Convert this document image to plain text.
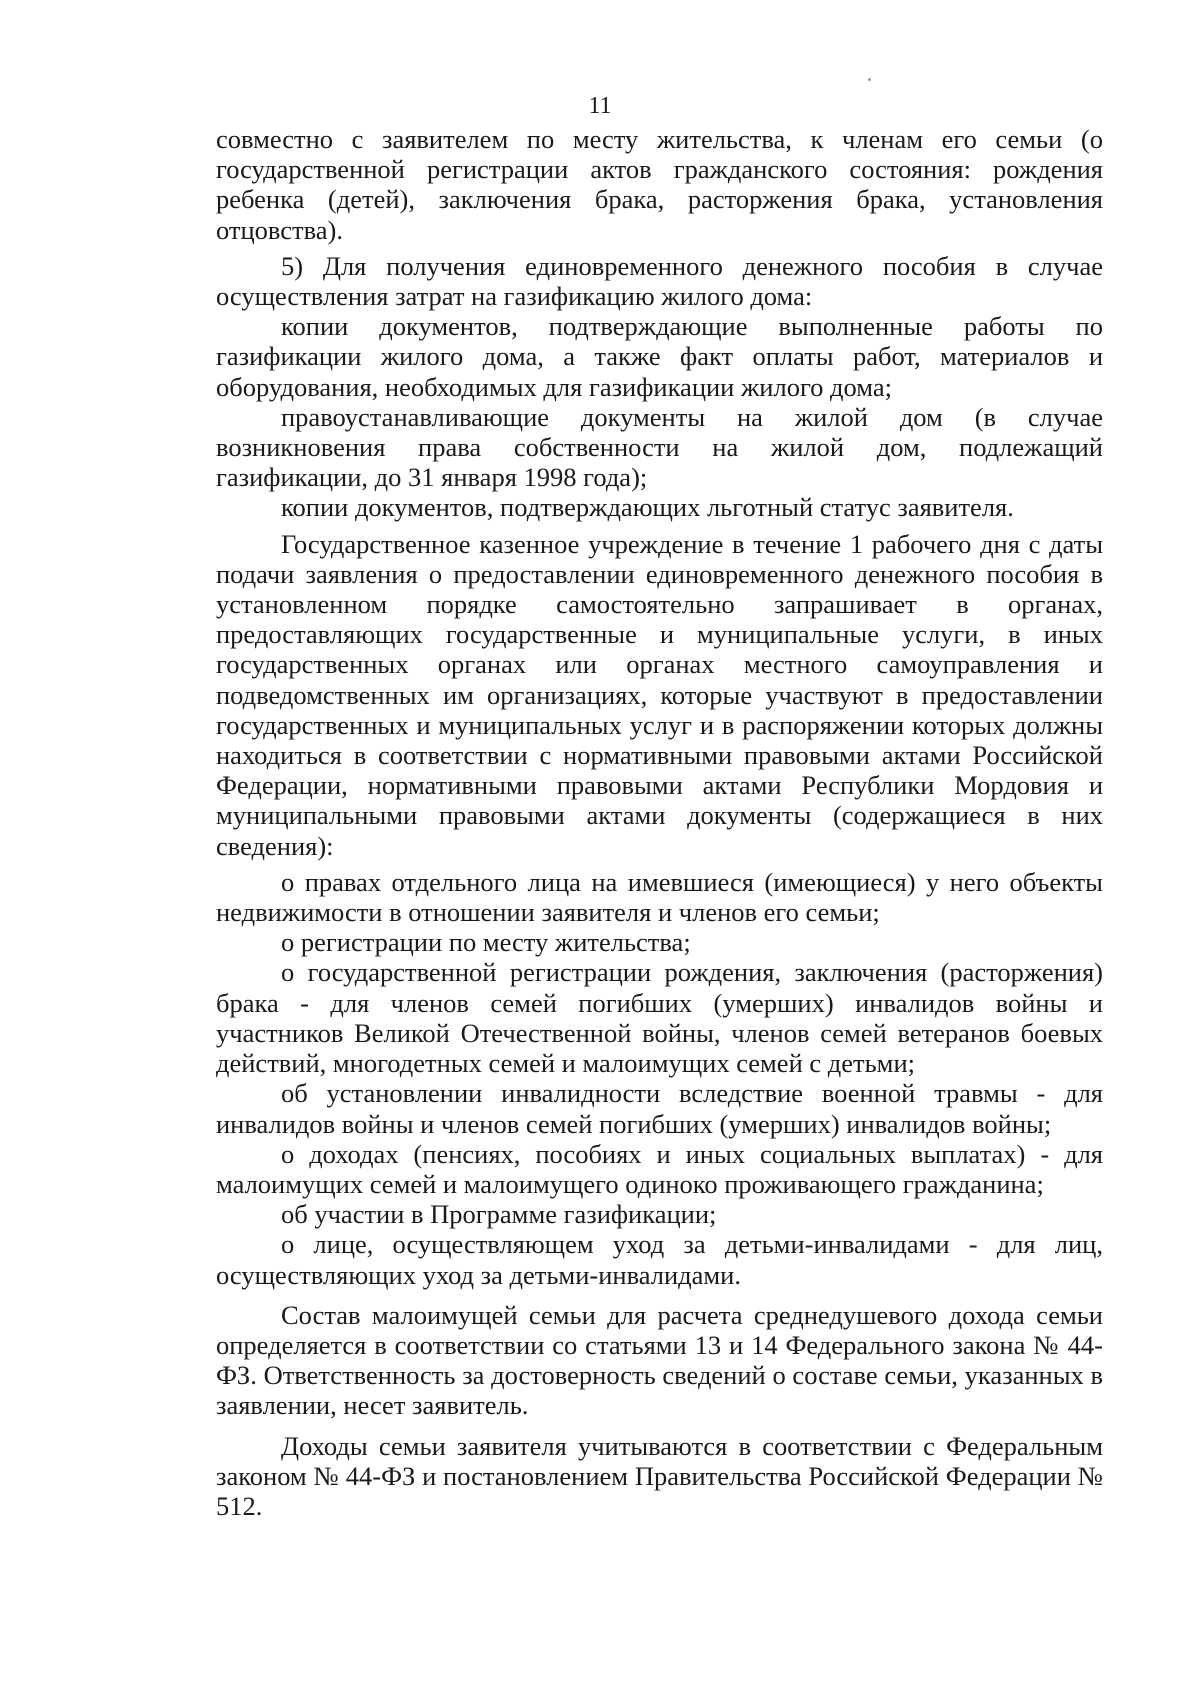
11

совместно с заявителем по месту жительства, к членам его семьи (о государственной регистрации актов гражданского состояния: рождения ребенка (детей), заключения брака, расторжения брака, установления отцовства).

5) Для получения единовременного денежного пособия в случае осуществления затрат на газификацию жилого дома:

копии документов, подтверждающие выполненные работы по газификации жилого дома, а также факт оплаты работ, материалов и оборудования, необходимых для газификации жилого дома;

правоустанавливающие документы на жилой дом (в случае возникновения права собственности на жилой дом, подлежащий газификации, до 31 января 1998 года);

копии документов, подтверждающих льготный статус заявителя.

Государственное казенное учреждение в течение 1 рабочего дня с даты подачи заявления о предоставлении единовременного денежного пособия в установленном порядке самостоятельно запрашивает в органах, предоставляющих государственные и муниципальные услуги, в иных государственных органах или органах местного самоуправления и подведомственных им организациях, которые участвуют в предоставлении государственных и муниципальных услуг и в распоряжении которых должны находиться в соответствии с нормативными правовыми актами Российской Федерации, нормативными правовыми актами Республики Мордовия и муниципальными правовыми актами документы (содержащиеся в них сведения):

о правах отдельного лица на имевшиеся (имеющиеся) у него объекты недвижимости в отношении заявителя и членов его семьи;

о регистрации по месту жительства;

о государственной регистрации рождения, заключения (расторжения) брака - для членов семей погибших (умерших) инвалидов войны и участников Великой Отечественной войны, членов семей ветеранов боевых действий, многодетных семей и малоимущих семей с детьми;

об установлении инвалидности вследствие военной травмы - для инвалидов войны и членов семей погибших (умерших) инвалидов войны;

о доходах (пенсиях, пособиях и иных социальных выплатах) - для малоимущих семей и малоимущего одиноко проживающего гражданина;

об участии в Программе газификации;

о лице, осуществляющем уход за детьми-инвалидами - для лиц, осуществляющих уход за детьми-инвалидами.

Состав малоимущей семьи для расчета среднедушевого дохода семьи определяется в соответствии со статьями 13 и 14 Федерального закона № 44-ФЗ. Ответственность за достоверность сведений о составе семьи, указанных в заявлении, несет заявитель.

Доходы семьи заявителя учитываются в соответствии с Федеральным законом № 44-ФЗ и постановлением Правительства Российской Федерации № 512.
